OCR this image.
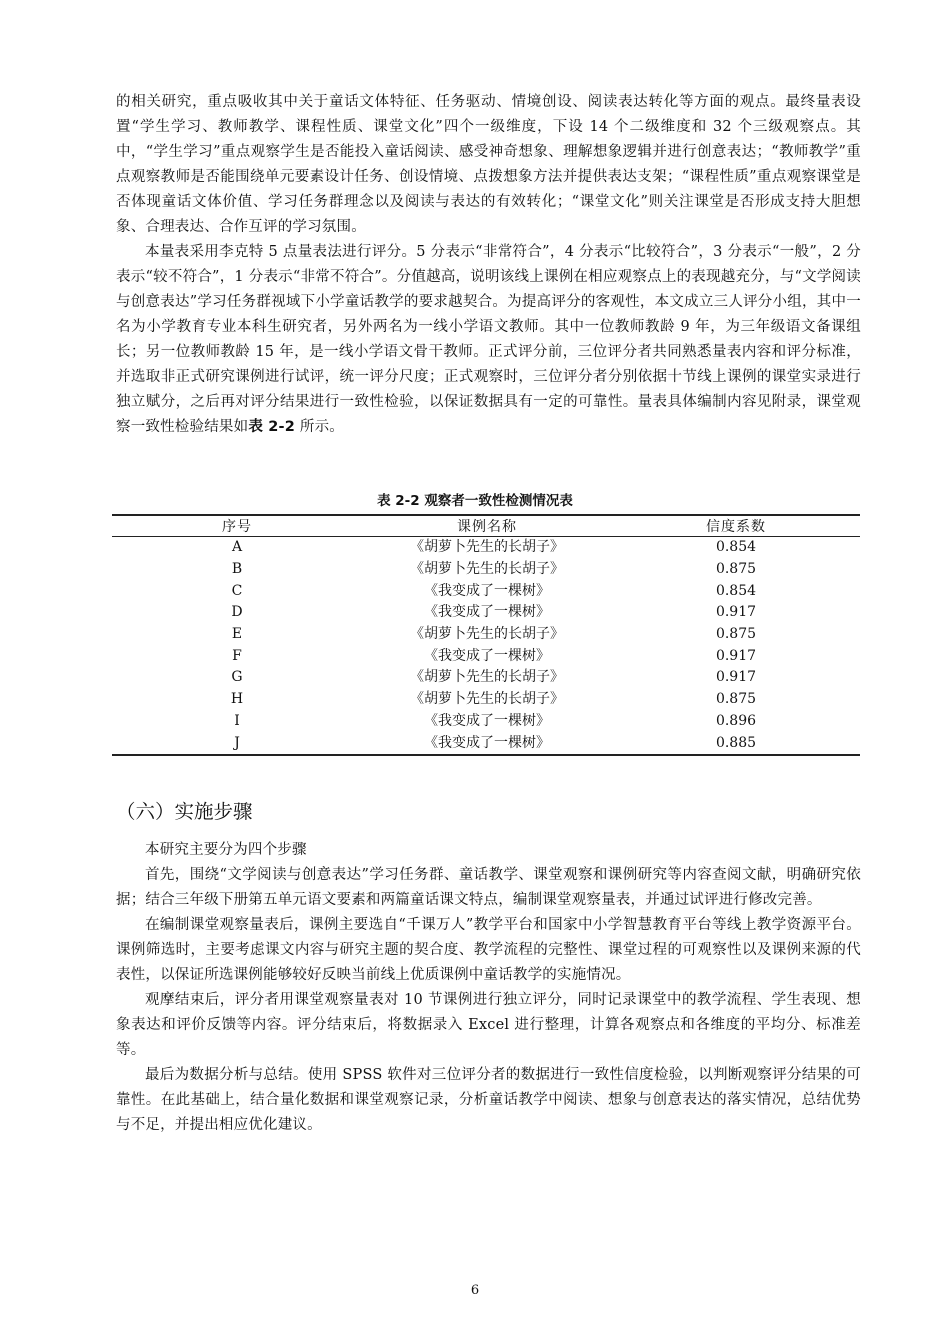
的相关研究，重点吸收其中关于童话文体特征、任务驱动、情境创设、阅读表达转化等方面的观点。最终量表设置“学生学习、教师教学、课程性质、课堂文化”四个一级维度，下设 14 个二级维度和 32 个三级观察点。其中，“学生学习”重点观察学生是否能投入童话阅读、感受神奇想象、理解想象逻辑并进行创意表达；“教师教学”重点观察教师是否能围绕单元要素设计任务、创设情境、点拨想象方法并提供表达支架；“课程性质”重点观察课堂是否体现童话文体价值、学习任务群理念以及阅读与表达的有效转化；“课堂文化”则关注课堂是否形成支持大胆想象、合理表达、合作互评的学习氛围。

本量表采用李克特 5 点量表法进行评分。5 分表示“非常符合”，4 分表示“比较符合”，3 分表示“一般”，2 分表示“较不符合”，1 分表示“非常不符合”。分值越高，说明该线上课例在相应观察点上的表现越充分，与“文学阅读与创意表达”学习任务群视域下小学童话教学的要求越契合。为提高评分的客观性，本文成立三人评分小组，其中一名为小学教育专业本科生研究者，另外两名为一线小学语文教师。其中一位教师教龄 9 年，为三年级语文备课组长；另一位教师教龄 15 年，是一线小学语文骨干教师。正式评分前，三位评分者共同熟悉量表内容和评分标准，并选取非正式研究课例进行试评，统一评分尺度；正式观察时，三位评分者分别依据十节线上课例的课堂实录进行独立赋分，之后再对评分结果进行一致性检验，以保证数据具有一定的可靠性。量表具体编制内容见附录，课堂观察一致性检验结果如表 2-2 所示。

表 2-2 观察者一致性检测情况表
序号	课例名称	信度系数
A	《胡萝卜先生的长胡子》	0.854
B	《胡萝卜先生的长胡子》	0.875
C	《我变成了一棵树》	0.854
D	《我变成了一棵树》	0.917
E	《胡萝卜先生的长胡子》	0.875
F	《我变成了一棵树》	0.917
G	《胡萝卜先生的长胡子》	0.917
H	《胡萝卜先生的长胡子》	0.875
I	《我变成了一棵树》	0.896
J	《我变成了一棵树》	0.885
（六）实施步骤

本研究主要分为四个步骤

首先，围绕“文学阅读与创意表达”学习任务群、童话教学、课堂观察和课例研究等内容查阅文献，明确研究依据；结合三年级下册第五单元语文要素和两篇童话课文特点，编制课堂观察量表，并通过试评进行修改完善。

在编制课堂观察量表后，课例主要选自“千课万人”教学平台和国家中小学智慧教育平台等线上教学资源平台。课例筛选时，主要考虑课文内容与研究主题的契合度、教学流程的完整性、课堂过程的可观察性以及课例来源的代表性，以保证所选课例能够较好反映当前线上优质课例中童话教学的实施情况。

观摩结束后，评分者用课堂观察量表对 10 节课例进行独立评分，同时记录课堂中的教学流程、学生表现、想象表达和评价反馈等内容。评分结束后，将数据录入 Excel 进行整理，计算各观察点和各维度的平均分、标准差等。

最后为数据分析与总结。使用 SPSS 软件对三位评分者的数据进行一致性信度检验，以判断观察评分结果的可靠性。在此基础上，结合量化数据和课堂观察记录，分析童话教学中阅读、想象与创意表达的落实情况，总结优势与不足，并提出相应优化建议。

6
